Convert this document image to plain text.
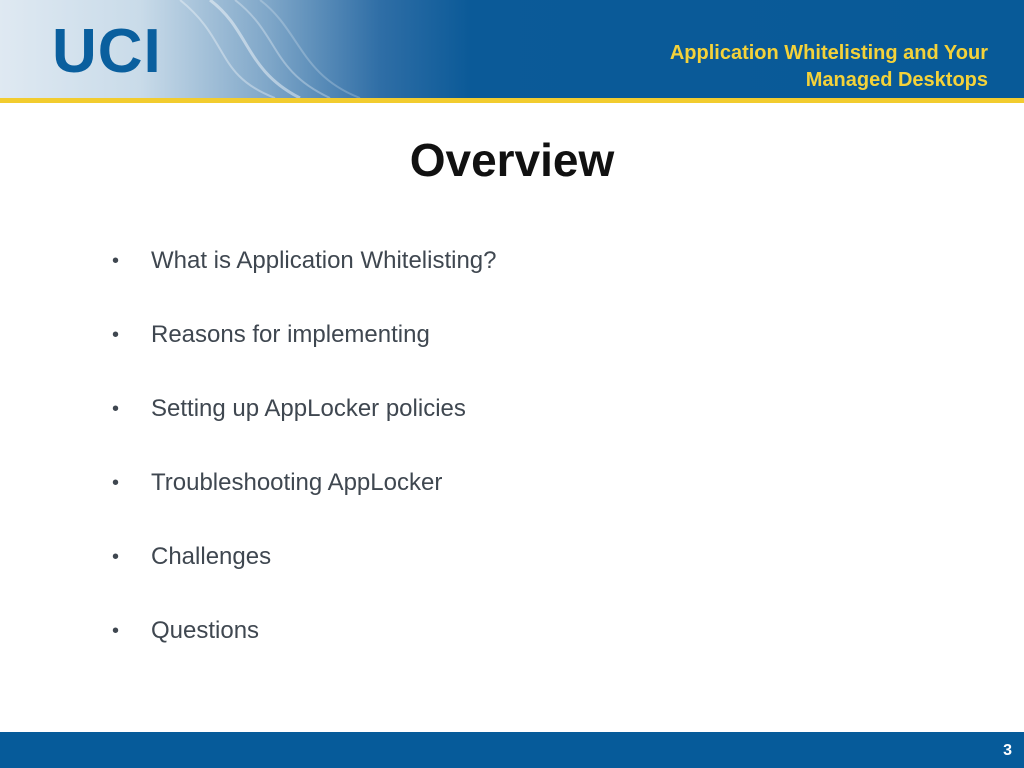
UCI	Application Whitelisting and Your
Managed Desktops
Overview
• What is Application Whitelisting?
• Reasons for implementing
• Setting up AppLocker policies
• Troubleshooting AppLocker
• Challenges
• Questions
3
